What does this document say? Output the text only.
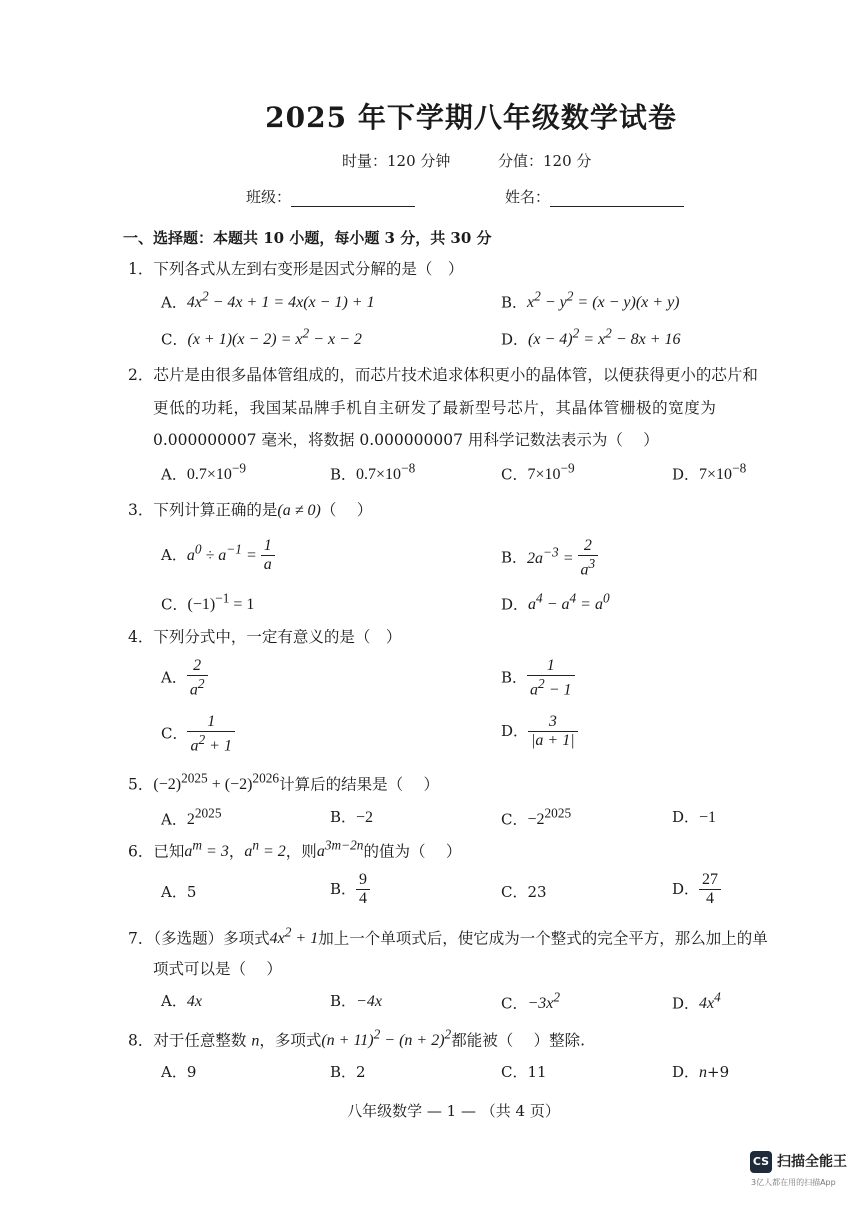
2025 年下学期八年级数学试卷
时量：120 分钟	分值：120 分
班级：	姓名：
一、选择题：本题共 10 小题，每小题 3 分，共 30 分
1．下列各式从左到右变形是因式分解的是（　）
A．$4x^2 - 4x + 1 = 4x(x - 1) + 1$	B．$x^2 - y^2 = (x - y)(x + y)$
C．$(x + 1)(x - 2) = x^2 - x - 2$	D．$(x - 4)^2 = x^2 - 8x + 16$
2．芯片是由很多晶体管组成的，而芯片技术追求体积更小的晶体管，以便获得更小的芯片和
更低的功耗，我国某品牌手机自主研发了最新型号芯片，其晶体管栅极的宽度为
0.000000007 毫米，将数据 0.000000007 用科学记数法表示为（　 ）
A．$0.7\times 10^{-9}$	B．$0.7\times 10^{-8}$	C．$7\times 10^{-9}$	D．$7\times 10^{-8}$
3．下列计算正确的是(a ≠ 0)（　 ）
A．$a^0 \div a^{-1} = \frac{1}{a}$	B．$2a^{-3} = \frac{2}{a^3}$
C．$(-1)^{-1} = 1$	D．$a^4 - a^4 = a^0$
4．下列分式中，一定有意义的是（　）
A． $\frac{2}{a^2}$	B． $\frac{1}{a^2 - 1}$
C． $\frac{1}{a^2 + 1}$	D． $\frac{3}{|a + 1|}$
5．$(-2)^{2025} + (-2)^{2026}$计算后的结果是（　 ）
A．$2^{2025}$	B．−2	C．$-2^{2025}$	D．−1
6．已知$a^m = 3$，$a^n = 2$，则$a^{3m-2n}$的值为（　 ）
A．5	B． $\frac{9}{4}$	C．23	D． $\frac{27}{4}$
7．（多选题）多项式$4x^2 + 1$加上一个单项式后，使它成为一个整式的完全平方，那么加上的单
项式可以是（　 ）
A．4x	B．−4x	C．$-3x^2$	D．$4x^4$
8．对于任意整数 n，多项式$(n + 11)^2 - (n + 2)^2$都能被（　 ）整除.
A．9	B．2	C．11	D．n+9
八年级数学 — 1 — （共 4 页）
CS 扫描全能王
3亿人都在用的扫描App
